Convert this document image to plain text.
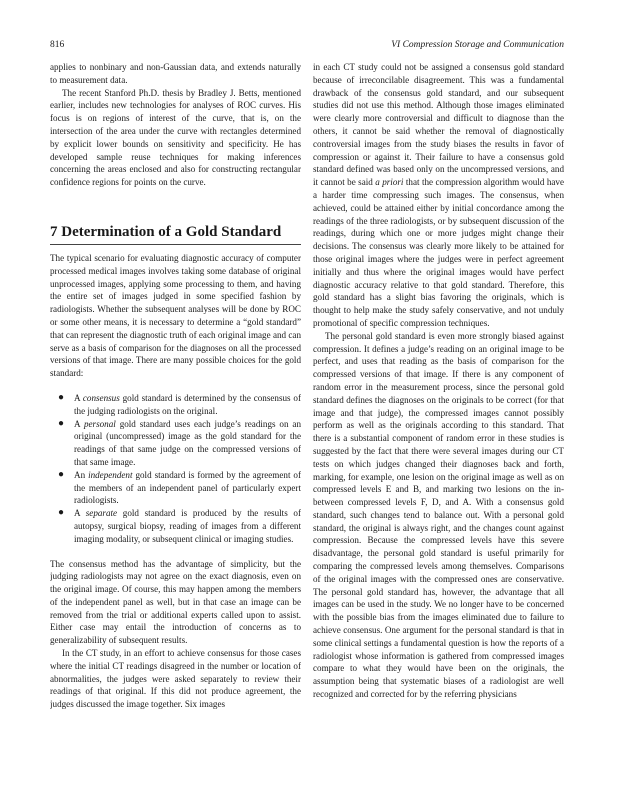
816	VI Compression Storage and Communication

applies to nonbinary and non-Gaussian data, and extends naturally to measurement data.

The recent Stanford Ph.D. thesis by Bradley J. Betts, mentioned earlier, includes new technologies for analyses of ROC curves. His focus is on regions of interest of the curve, that is, on the intersection of the area under the curve with rectangles determined by explicit lower bounds on sensitivity and specificity. He has developed sample reuse techniques for making inferences concerning the areas enclosed and also for constructing rectangular confidence regions for points on the curve.

7 Determination of a Gold Standard

The typical scenario for evaluating diagnostic accuracy of computer processed medical images involves taking some database of original unprocessed images, applying some processing to them, and having the entire set of images judged in some specified fashion by radiologists. Whether the subsequent analyses will be done by ROC or some other means, it is necessary to determine a “gold standard” that can represent the diagnostic truth of each original image and can serve as a basis of comparison for the diagnoses on all the processed versions of that image. There are many possible choices for the gold standard:

● A consensus gold standard is determined by the consensus of the judging radiologists on the original.
● A personal gold standard uses each judge’s readings on an original (uncompressed) image as the gold standard for the readings of that same judge on the compressed versions of that same image.
● An independent gold standard is formed by the agreement of the members of an independent panel of particularly expert radiologists.
● A separate gold standard is produced by the results of autopsy, surgical biopsy, reading of images from a different imaging modality, or subsequent clinical or imaging studies.

The consensus method has the advantage of simplicity, but the judging radiologists may not agree on the exact diagnosis, even on the original image. Of course, this may happen among the members of the independent panel as well, but in that case an image can be removed from the trial or additional experts called upon to assist. Either case may entail the introduction of concerns as to generalizability of subsequent results.

In the CT study, in an effort to achieve consensus for those cases where the initial CT readings disagreed in the number or location of abnormalities, the judges were asked separately to review their readings of that original. If this did not produce agreement, the judges discussed the image together. Six images

in each CT study could not be assigned a consensus gold standard because of irreconcilable disagreement. This was a fundamental drawback of the consensus gold standard, and our subsequent studies did not use this method. Although those images eliminated were clearly more controversial and difficult to diagnose than the others, it cannot be said whether the removal of diagnostically controversial images from the study biases the results in favor of compression or against it. Their failure to have a consensus gold standard defined was based only on the uncompressed versions, and it cannot be said a priori that the compression algorithm would have a harder time compressing such images. The consensus, when achieved, could be attained either by initial concordance among the readings of the three radiologists, or by subsequent discussion of the readings, during which one or more judges might change their decisions. The consensus was clearly more likely to be attained for those original images where the judges were in perfect agreement initially and thus where the original images would have perfect diagnostic accuracy relative to that gold standard. Therefore, this gold standard has a slight bias favoring the originals, which is thought to help make the study safely conservative, and not unduly promotional of specific compression techniques.

The personal gold standard is even more strongly biased against compression. It defines a judge’s reading on an original image to be perfect, and uses that reading as the basis of comparison for the compressed versions of that image. If there is any component of random error in the measurement process, since the personal gold standard defines the diagnoses on the originals to be correct (for that image and that judge), the compressed images cannot possibly perform as well as the originals according to this standard. That there is a substantial component of random error in these studies is suggested by the fact that there were several images during our CT tests on which judges changed their diagnoses back and forth, marking, for example, one lesion on the original image as well as on compressed levels E and B, and marking two lesions on the in-between compressed levels F, D, and A. With a consensus gold standard, such changes tend to balance out. With a personal gold standard, the original is always right, and the changes count against compression. Because the compressed levels have this severe disadvantage, the personal gold standard is useful primarily for comparing the compressed levels among themselves. Comparisons of the original images with the compressed ones are conservative. The personal gold standard has, however, the advantage that all images can be used in the study. We no longer have to be concerned with the possible bias from the images eliminated due to failure to achieve consensus. One argument for the personal standard is that in some clinical settings a fundamental question is how the reports of a radiologist whose information is gathered from compressed images compare to what they would have been on the originals, the assumption being that systematic biases of a radiologist are well recognized and corrected for by the referring physicians
